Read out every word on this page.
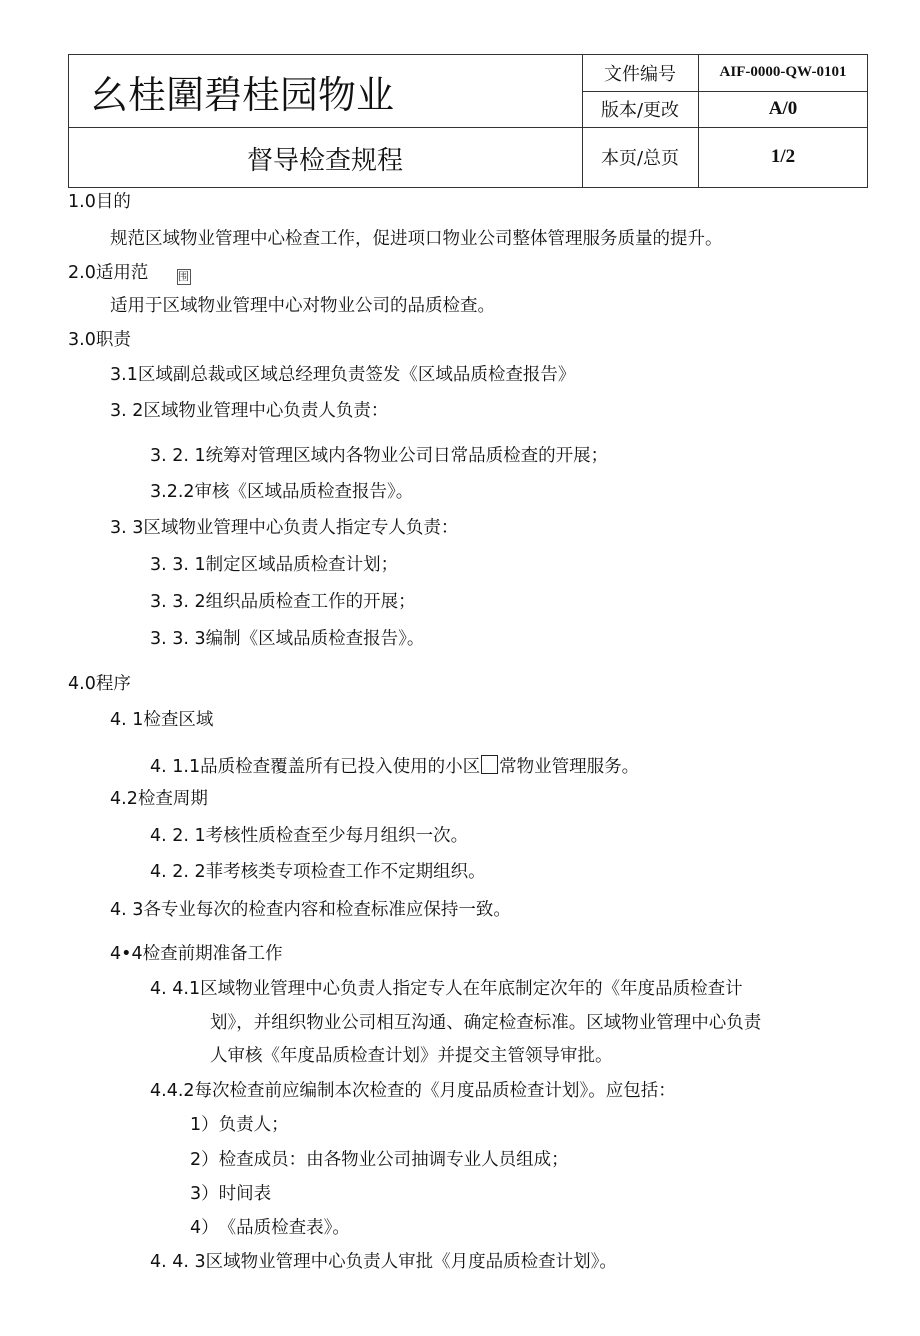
幺桂圍碧桂园物业
督导检查规程
文件编号	AIF-0000-QW-0101
版本/更改	A/0
本页/总页	1/2
1.0目的
规范区域物业管理中心检查工作，促进项口物业公司整体管理服务质量的提升。
2.0适用范	围
适用于区域物业管理中心对物业公司的品质检查。
3.0职责
3.1区域副总裁或区域总经理负责签发《区域品质检查报告》
3. 2区域物业管理中心负责人负责：
3. 2. 1统筹对管理区域内各物业公司日常品质检查的开展；
3.2.2审核《区域品质检查报告》。
3. 3区域物业管理中心负责人指定专人负责：
3. 3. 1制定区域品质检查计划；
3. 3. 2组织品质检查工作的开展；
3. 3. 3编制《区域品质检查报告》。
4.0程序
4. 1检查区域
4. 1.1品质检查覆盖所有已投入使用的小区 常物业管理服务。
4.2检查周期
4. 2. 1考核性质检查至少每月组织一次。
4. 2. 2菲考核类专项检查工作不定期组织。
4. 3各专业每次的检查内容和检查标准应保持一致。
4•4检查前期准备工作
4. 4.1区域物业管理中心负责人指定专人在年底制定次年的《年度品质检查计
划》，并组织物业公司相互沟通、确定检查标准。区域物业管理中心负责
人审核《年度品质检查计划》并提交主管领导审批。
4.4.2每次检查前应编制本次检查的《月度品质检查计划》。应包括：
1）负责人；
2）检查成员：由各物业公司抽调专业人员组成；
3）时间表
4）　《品质检查表》。
4. 4. 3区域物业管理中心负责人审批《月度品质检查计划》。
